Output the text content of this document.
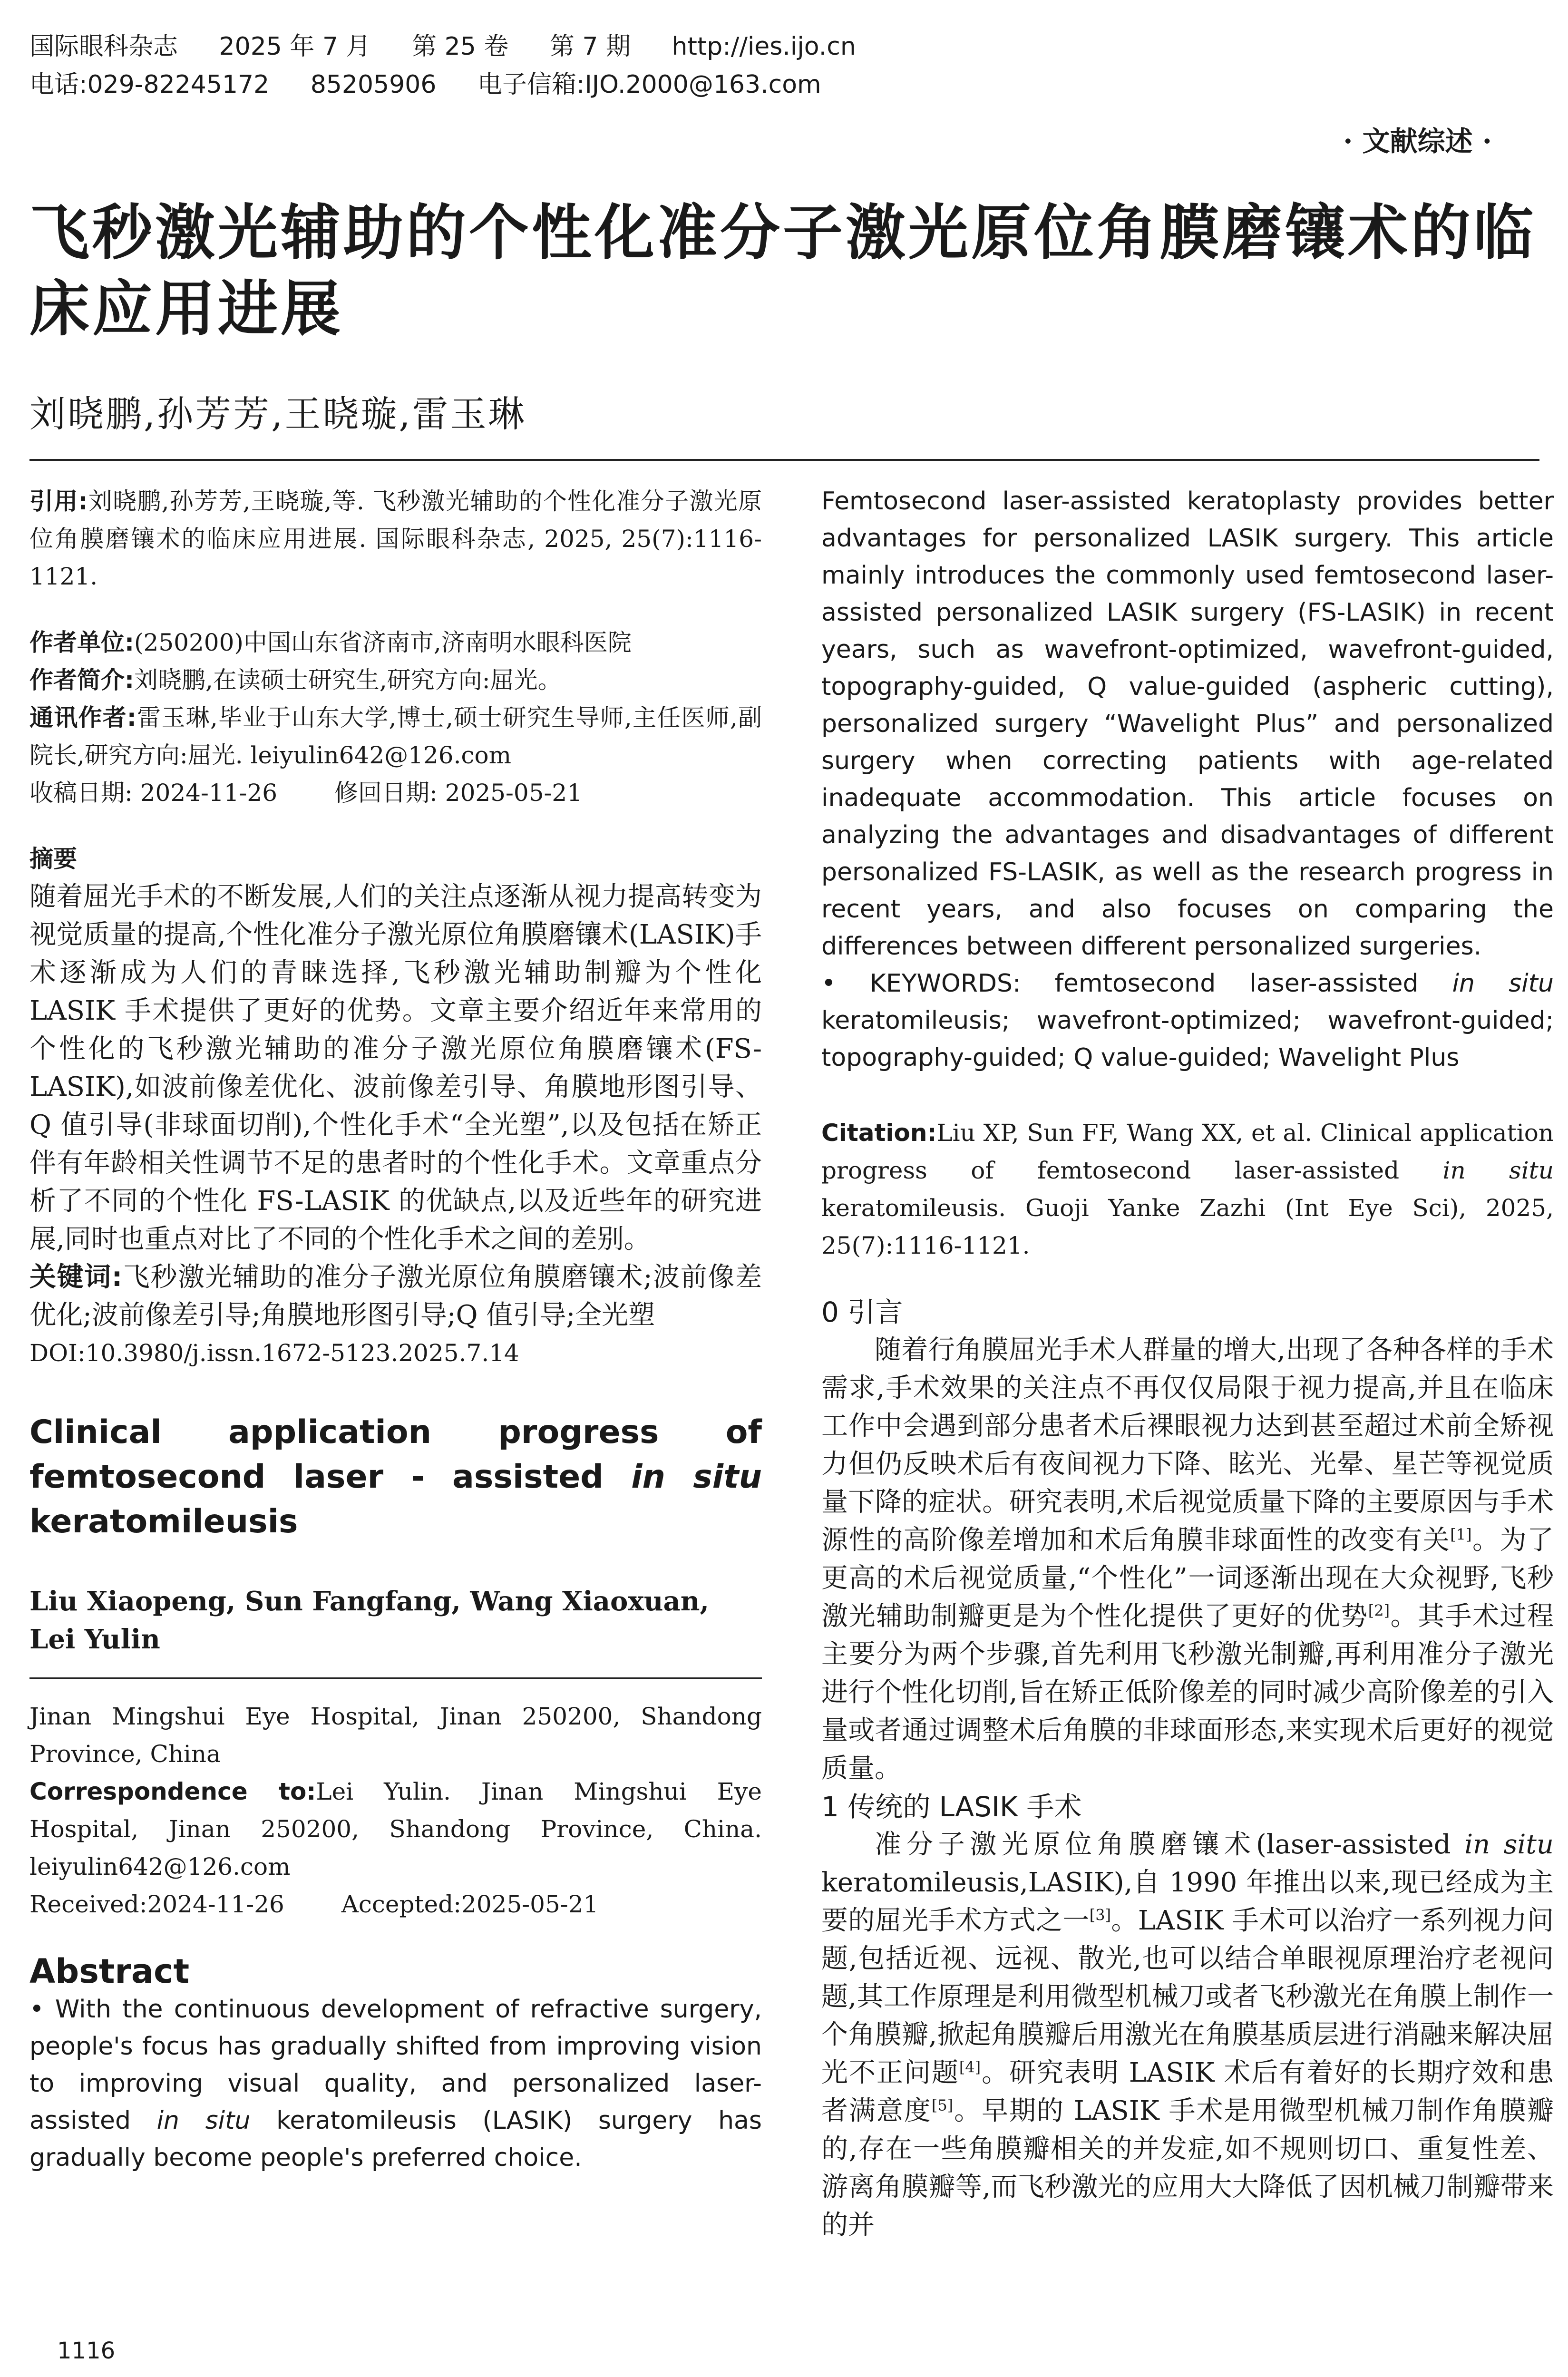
国际眼科杂志 2025 年 7 月 第 25 卷 第 7 期 http://ies.ijo.cn
电话:029-82245172 85205906 电子信箱:IJO.2000@163.com
· 文献综述 ·
飞秒激光辅助的个性化准分子激光原位角膜磨镶术的临床应用进展
刘晓鹏,孙芳芳,王晓璇,雷玉琳

引用:刘晓鹏,孙芳芳,王晓璇,等. 飞秒激光辅助的个性化准分子激光原位角膜磨镶术的临床应用进展. 国际眼科杂志, 2025, 25(7):1116-1121.

作者单位:(250200)中国山东省济南市,济南明水眼科医院

作者简介:刘晓鹏,在读硕士研究生,研究方向:屈光。

通讯作者:雷玉琳,毕业于山东大学,博士,硕士研究生导师,主任医师,副院长,研究方向:屈光. leiyulin642@126.com

收稿日期: 2024-11-26 修回日期: 2025-05-21

摘要

随着屈光手术的不断发展,人们的关注点逐渐从视力提高转变为视觉质量的提高,个性化准分子激光原位角膜磨镶术(LASIK)手术逐渐成为人们的青睐选择,飞秒激光辅助制瓣为个性化 LASIK 手术提供了更好的优势。文章主要介绍近年来常用的个性化的飞秒激光辅助的准分子激光原位角膜磨镶术(FS-LASIK),如波前像差优化、波前像差引导、角膜地形图引导、Q 值引导(非球面切削),个性化手术“全光塑”,以及包括在矫正伴有年龄相关性调节不足的患者时的个性化手术。文章重点分析了不同的个性化 FS-LASIK 的优缺点,以及近些年的研究进展,同时也重点对比了不同的个性化手术之间的差别。

关键词:飞秒激光辅助的准分子激光原位角膜磨镶术;波前像差优化;波前像差引导;角膜地形图引导;Q 值引导;全光塑

DOI:10.3980/j.issn.1672-5123.2025.7.14

Clinical application progress of femtosecond laser - assisted in situ keratomileusis

Liu Xiaopeng, Sun Fangfang, Wang Xiaoxuan, Lei Yulin

Jinan Mingshui Eye Hospital, Jinan 250200, Shandong Province, China

Correspondence to:Lei Yulin. Jinan Mingshui Eye Hospital, Jinan 250200, Shandong Province, China. leiyulin642@126.com

Received:2024-11-26 Accepted:2025-05-21

Abstract

• With the continuous development of refractive surgery, people's focus has gradually shifted from improving vision to improving visual quality, and personalized laser-assisted in situ keratomileusis (LASIK) surgery has gradually become people's preferred choice.

Femtosecond laser-assisted keratoplasty provides better advantages for personalized LASIK surgery. This article mainly introduces the commonly used femtosecond laser-assisted personalized LASIK surgery (FS-LASIK) in recent years, such as wavefront-optimized, wavefront-guided, topography-guided, Q value-guided (aspheric cutting), personalized surgery “Wavelight Plus” and personalized surgery when correcting patients with age-related inadequate accommodation. This article focuses on analyzing the advantages and disadvantages of different personalized FS-LASIK, as well as the research progress in recent years, and also focuses on comparing the differences between different personalized surgeries.

• KEYWORDS: femtosecond laser-assisted in situ keratomileusis; wavefront-optimized; wavefront-guided; topography-guided; Q value-guided; Wavelight Plus

Citation:Liu XP, Sun FF, Wang XX, et al. Clinical application progress of femtosecond laser-assisted in situ keratomileusis. Guoji Yanke Zazhi (Int Eye Sci), 2025, 25(7):1116-1121.

0 引言

随着行角膜屈光手术人群量的增大,出现了各种各样的手术需求,手术效果的关注点不再仅仅局限于视力提高,并且在临床工作中会遇到部分患者术后裸眼视力达到甚至超过术前全矫视力但仍反映术后有夜间视力下降、眩光、光晕、星芒等视觉质量下降的症状。研究表明,术后视觉质量下降的主要原因与手术源性的高阶像差增加和术后角膜非球面性的改变有关[1]。为了更高的术后视觉质量,“个性化”一词逐渐出现在大众视野,飞秒激光辅助制瓣更是为个性化提供了更好的优势[2]。其手术过程主要分为两个步骤,首先利用飞秒激光制瓣,再利用准分子激光进行个性化切削,旨在矫正低阶像差的同时减少高阶像差的引入量或者通过调整术后角膜的非球面形态,来实现术后更好的视觉质量。

1 传统的 LASIK 手术

准分子激光原位角膜磨镶术(laser-assisted in situ keratomileusis,LASIK),自 1990 年推出以来,现已经成为主要的屈光手术方式之一[3]。LASIK 手术可以治疗一系列视力问题,包括近视、远视、散光,也可以结合单眼视原理治疗老视问题,其工作原理是利用微型机械刀或者飞秒激光在角膜上制作一个角膜瓣,掀起角膜瓣后用激光在角膜基质层进行消融来解决屈光不正问题[4]。研究表明 LASIK 术后有着好的长期疗效和患者满意度[5]。早期的 LASIK 手术是用微型机械刀制作角膜瓣的,存在一些角膜瓣相关的并发症,如不规则切口、重复性差、游离角膜瓣等,而飞秒激光的应用大大降低了因机械刀制瓣带来的并

1116
